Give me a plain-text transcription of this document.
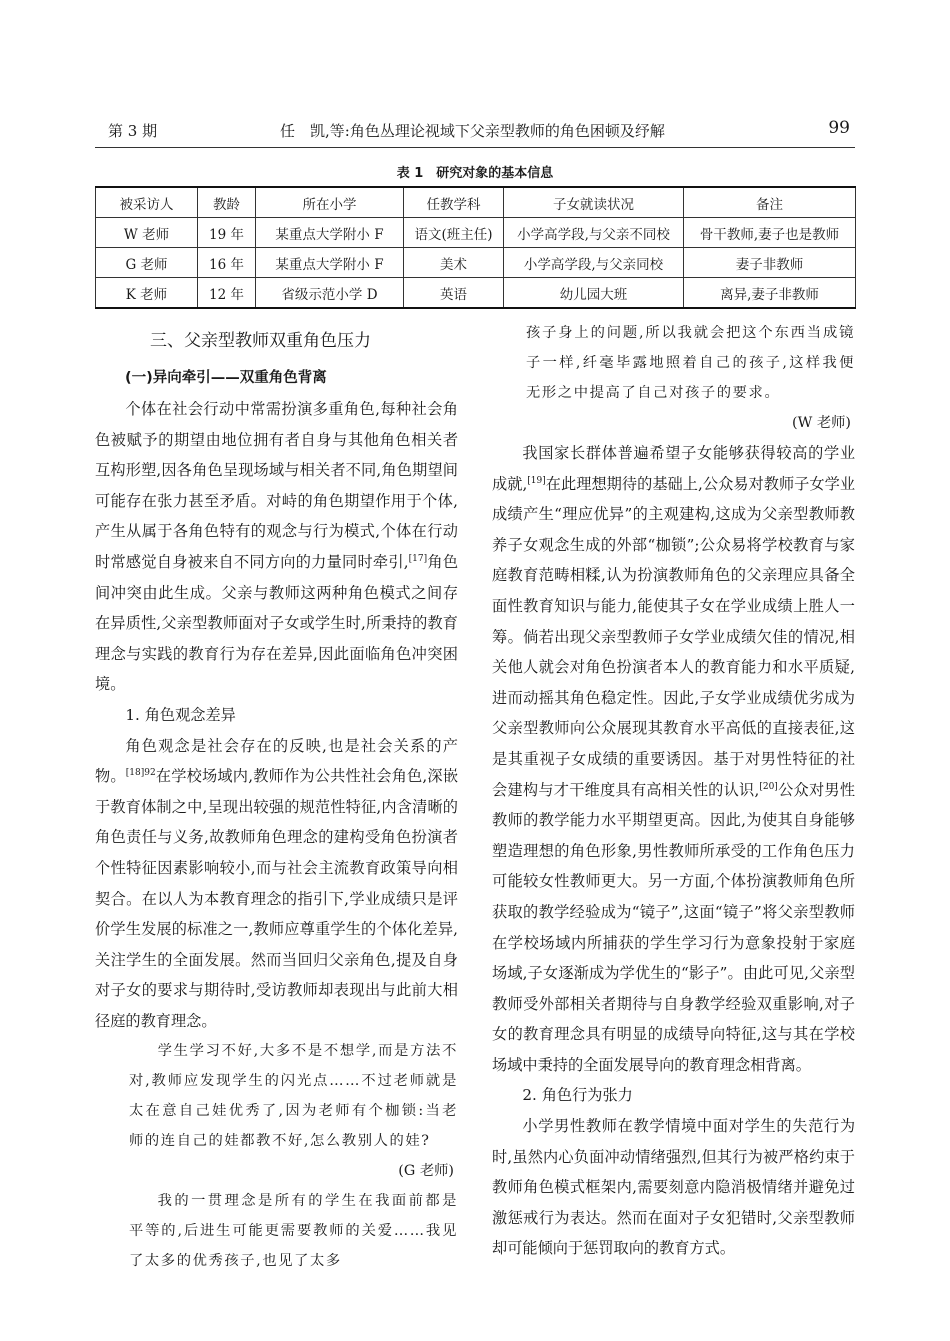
第 3 期	任　凯,等:角色丛理论视域下父亲型教师的角色困顿及纾解	99
表 1　研究对象的基本信息
被采访人	教龄	所在小学	任教学科	子女就读状况	备注
W 老师	19 年	某重点大学附小 F	语文(班主任)	小学高学段,与父亲不同校	骨干教师,妻子也是教师
G 老师	16 年	某重点大学附小 F	美术	小学高学段,与父亲同校	妻子非教师
K 老师	12 年	省级示范小学 D	英语	幼儿园大班	离异,妻子非教师

三、父亲型教师双重角色压力

(一)异向牵引——双重角色背离

个体在社会行动中常需扮演多重角色,每种社会角色被赋予的期望由地位拥有者自身与其他角色相关者互构形塑,因各角色呈现场域与相关者不同,角色期望间可能存在张力甚至矛盾。对峙的角色期望作用于个体,产生从属于各角色特有的观念与行为模式,个体在行动时常感觉自身被来自不同方向的力量同时牵引,[17]角色间冲突由此生成。父亲与教师这两种角色模式之间存在异质性,父亲型教师面对子女或学生时,所秉持的教育理念与实践的教育行为存在差异,因此面临角色冲突困境。

1. 角色观念差异

角色观念是社会存在的反映,也是社会关系的产物。$^{[18]92}$在学校场域内,教师作为公共性社会角色,深嵌于教育体制之中,呈现出较强的规范性特征,内含清晰的角色责任与义务,故教师角色理念的建构受角色扮演者个性特征因素影响较小,而与社会主流教育政策导向相契合。在以人为本教育理念的指引下,学业成绩只是评价学生发展的标准之一,教师应尊重学生的个体化差异,关注学生的全面发展。然而当回归父亲角色,提及自身对子女的要求与期待时,受访教师却表现出与此前大相径庭的教育理念。

学生学习不好,大多不是不想学,而是方法不对,教师应发现学生的闪光点……不过老师就是太在意自己娃优秀了,因为老师有个枷锁:当老师的连自己的娃都教不好,怎么教别人的娃?

(G 老师)

我的一贯理念是所有的学生在我面前都是平等的,后进生可能更需要教师的关爱……我见了太多的优秀孩子,也见了太多

孩子身上的问题,所以我就会把这个东西当成镜子一样,纤毫毕露地照着自己的孩子,这样我便无形之中提高了自己对孩子的要求。

(W 老师)

我国家长群体普遍希望子女能够获得较高的学业成就,[19]在此理想期待的基础上,公众易对教师子女学业成绩产生“理应优异”的主观建构,这成为父亲型教师教养子女观念生成的外部“枷锁”;公众易将学校教育与家庭教育范畴相糅,认为扮演教师角色的父亲理应具备全面性教育知识与能力,能使其子女在学业成绩上胜人一筹。倘若出现父亲型教师子女学业成绩欠佳的情况,相关他人就会对角色扮演者本人的教育能力和水平质疑,进而动摇其角色稳定性。因此,子女学业成绩优劣成为父亲型教师向公众展现其教育水平高低的直接表征,这是其重视子女成绩的重要诱因。基于对男性特征的社会建构与才干维度具有高相关性的认识,[20]公众对男性教师的教学能力水平期望更高。因此,为使其自身能够塑造理想的角色形象,男性教师所承受的工作角色压力可能较女性教师更大。另一方面,个体扮演教师角色所获取的教学经验成为“镜子”,这面“镜子”将父亲型教师在学校场域内所捕获的学生学习行为意象投射于家庭场域,子女逐渐成为学优生的“影子”。由此可见,父亲型教师受外部相关者期待与自身教学经验双重影响,对子女的教育理念具有明显的成绩导向特征,这与其在学校场域中秉持的全面发展导向的教育理念相背离。

2. 角色行为张力

小学男性教师在教学情境中面对学生的失范行为时,虽然内心负面冲动情绪强烈,但其行为被严格约束于教师角色模式框架内,需要刻意内隐消极情绪并避免过激惩戒行为表达。然而在面对子女犯错时,父亲型教师却可能倾向于惩罚取向的教育方式。
